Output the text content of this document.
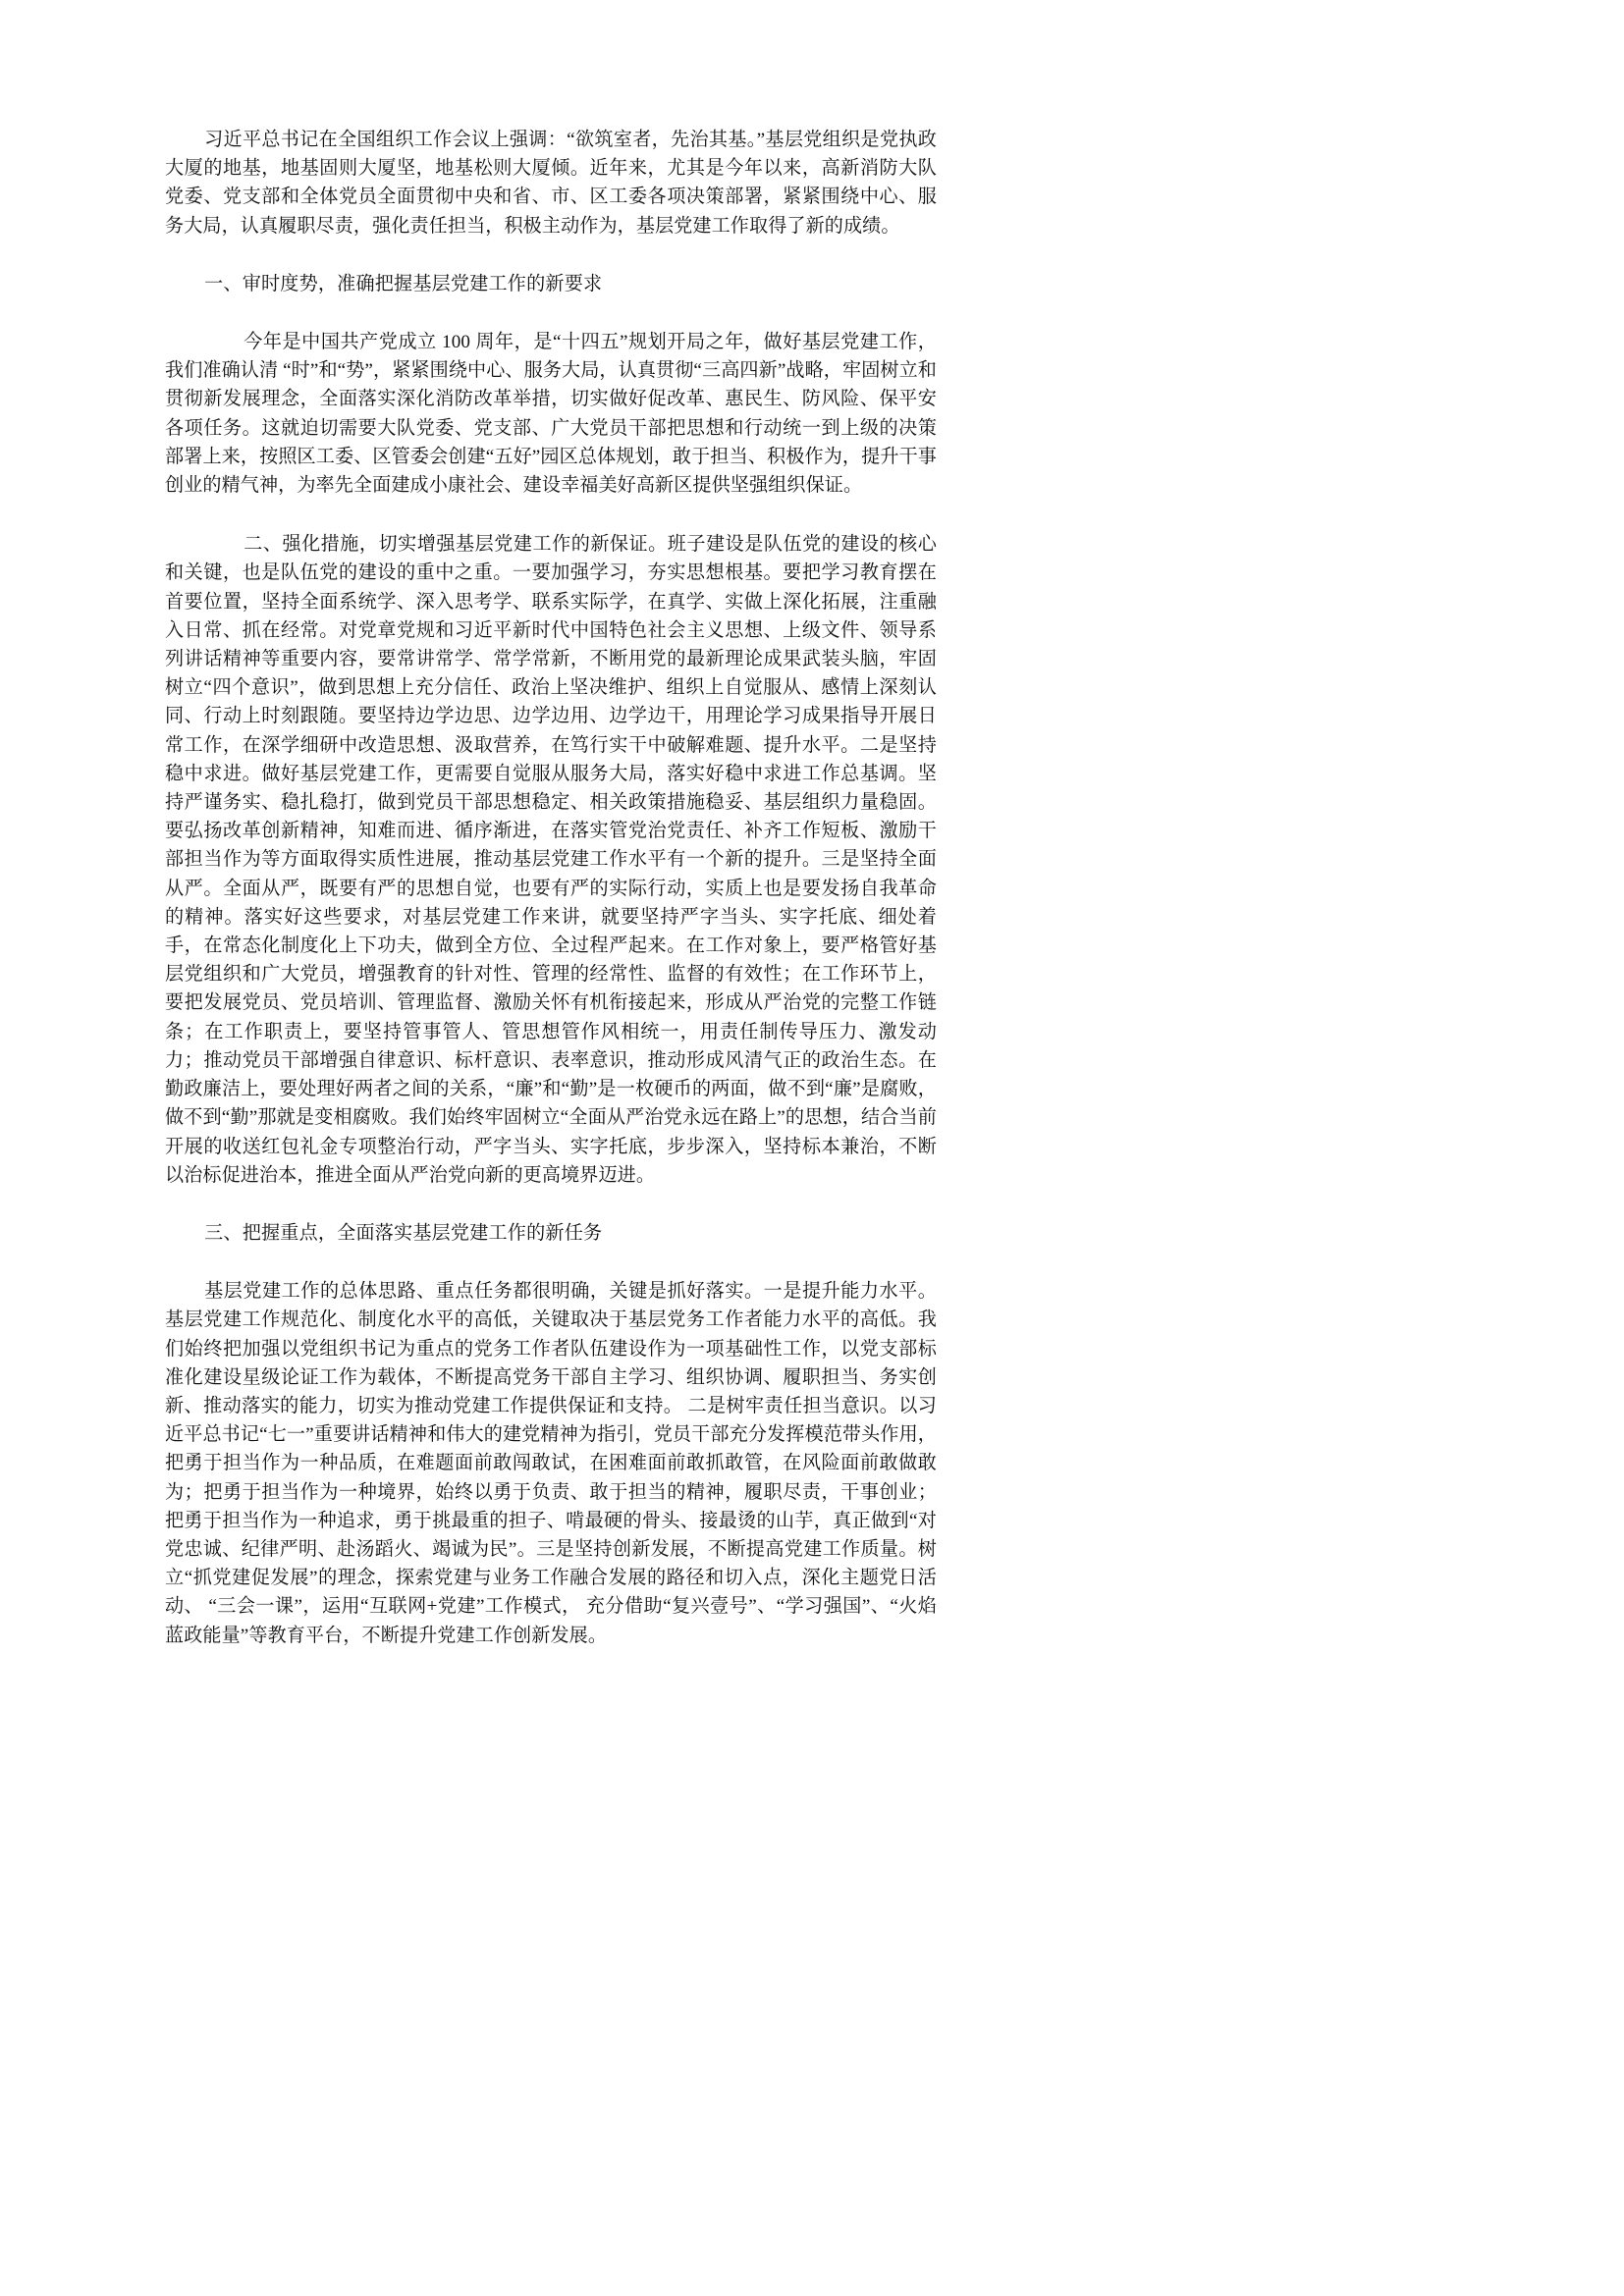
习近平总书记在全国组织工作会议上强调：“欲筑室者，先治其基。”基层党组织是党执政大厦的地基，地基固则大厦坚，地基松则大厦倾。近年来，尤其是今年以来，高新消防大队党委、党支部和全体党员全面贯彻中央和省、市、区工委各项决策部署，紧紧围绕中心、服务大局，认真履职尽责，强化责任担当，积极主动作为，基层党建工作取得了新的成绩。

一、审时度势，准确把握基层党建工作的新要求

今年是中国共产党成立 100 周年，是“十四五”规划开局之年，做好基层党建工作，我们准确认清 “时”和“势”，紧紧围绕中心、服务大局，认真贯彻“三高四新”战略，牢固树立和贯彻新发展理念，全面落实深化消防改革举措，切实做好促改革、惠民生、防风险、保平安各项任务。这就迫切需要大队党委、党支部、广大党员干部把思想和行动统一到上级的决策部署上来，按照区工委、区管委会创建“五好”园区总体规划，敢于担当、积极作为，提升干事创业的精气神，为率先全面建成小康社会、建设幸福美好高新区提供坚强组织保证。

二、强化措施，切实增强基层党建工作的新保证。班子建设是队伍党的建设的核心和关键，也是队伍党的建设的重中之重。一要加强学习，夯实思想根基。要把学习教育摆在首要位置，坚持全面系统学、深入思考学、联系实际学，在真学、实做上深化拓展，注重融入日常、抓在经常。对党章党规和习近平新时代中国特色社会主义思想、上级文件、领导系列讲话精神等重要内容，要常讲常学、常学常新，不断用党的最新理论成果武装头脑，牢固树立“四个意识”，做到思想上充分信任、政治上坚决维护、组织上自觉服从、感情上深刻认同、行动上时刻跟随。要坚持边学边思、边学边用、边学边干，用理论学习成果指导开展日常工作，在深学细研中改造思想、汲取营养，在笃行实干中破解难题、提升水平。二是坚持稳中求进。做好基层党建工作，更需要自觉服从服务大局，落实好稳中求进工作总基调。坚持严谨务实、稳扎稳打，做到党员干部思想稳定、相关政策措施稳妥、基层组织力量稳固。要弘扬改革创新精神，知难而进、循序渐进，在落实管党治党责任、补齐工作短板、激励干部担当作为等方面取得实质性进展，推动基层党建工作水平有一个新的提升。三是坚持全面从严。全面从严，既要有严的思想自觉，也要有严的实际行动，实质上也是要发扬自我革命的精神。落实好这些要求，对基层党建工作来讲，就要坚持严字当头、实字托底、细处着手，在常态化制度化上下功夫，做到全方位、全过程严起来。在工作对象上，要严格管好基层党组织和广大党员，增强教育的针对性、管理的经常性、监督的有效性；在工作环节上，要把发展党员、党员培训、管理监督、激励关怀有机衔接起来，形成从严治党的完整工作链条；在工作职责上，要坚持管事管人、管思想管作风相统一，用责任制传导压力、激发动力；推动党员干部增强自律意识、标杆意识、表率意识，推动形成风清气正的政治生态。在勤政廉洁上，要处理好两者之间的关系，“廉”和“勤”是一枚硬币的两面，做不到“廉”是腐败，做不到“勤”那就是变相腐败。我们始终牢固树立“全面从严治党永远在路上”的思想，结合当前开展的收送红包礼金专项整治行动，严字当头、实字托底，步步深入，坚持标本兼治，不断以治标促进治本，推进全面从严治党向新的更高境界迈进。

三、把握重点，全面落实基层党建工作的新任务

基层党建工作的总体思路、重点任务都很明确，关键是抓好落实。一是提升能力水平。基层党建工作规范化、制度化水平的高低，关键取决于基层党务工作者能力水平的高低。我们始终把加强以党组织书记为重点的党务工作者队伍建设作为一项基础性工作，以党支部标准化建设星级论证工作为载体，不断提高党务干部自主学习、组织协调、履职担当、务实创新、推动落实的能力，切实为推动党建工作提供保证和支持。 二是树牢责任担当意识。以习近平总书记“七一”重要讲话精神和伟大的建党精神为指引，党员干部充分发挥模范带头作用，把勇于担当作为一种品质，在难题面前敢闯敢试，在困难面前敢抓敢管，在风险面前敢做敢为；把勇于担当作为一种境界，始终以勇于负责、敢于担当的精神，履职尽责，干事创业；把勇于担当作为一种追求，勇于挑最重的担子、啃最硬的骨头、接最烫的山芋，真正做到“对党忠诚、纪律严明、赴汤蹈火、竭诚为民”。三是坚持创新发展，不断提高党建工作质量。树立“抓党建促发展”的理念，探索党建与业务工作融合发展的路径和切入点，深化主题党日活动、 “三会一课”，运用“互联网+党建”工作模式， 充分借助“复兴壹号”、“学习强国”、“火焰蓝政能量”等教育平台，不断提升党建工作创新发展。
